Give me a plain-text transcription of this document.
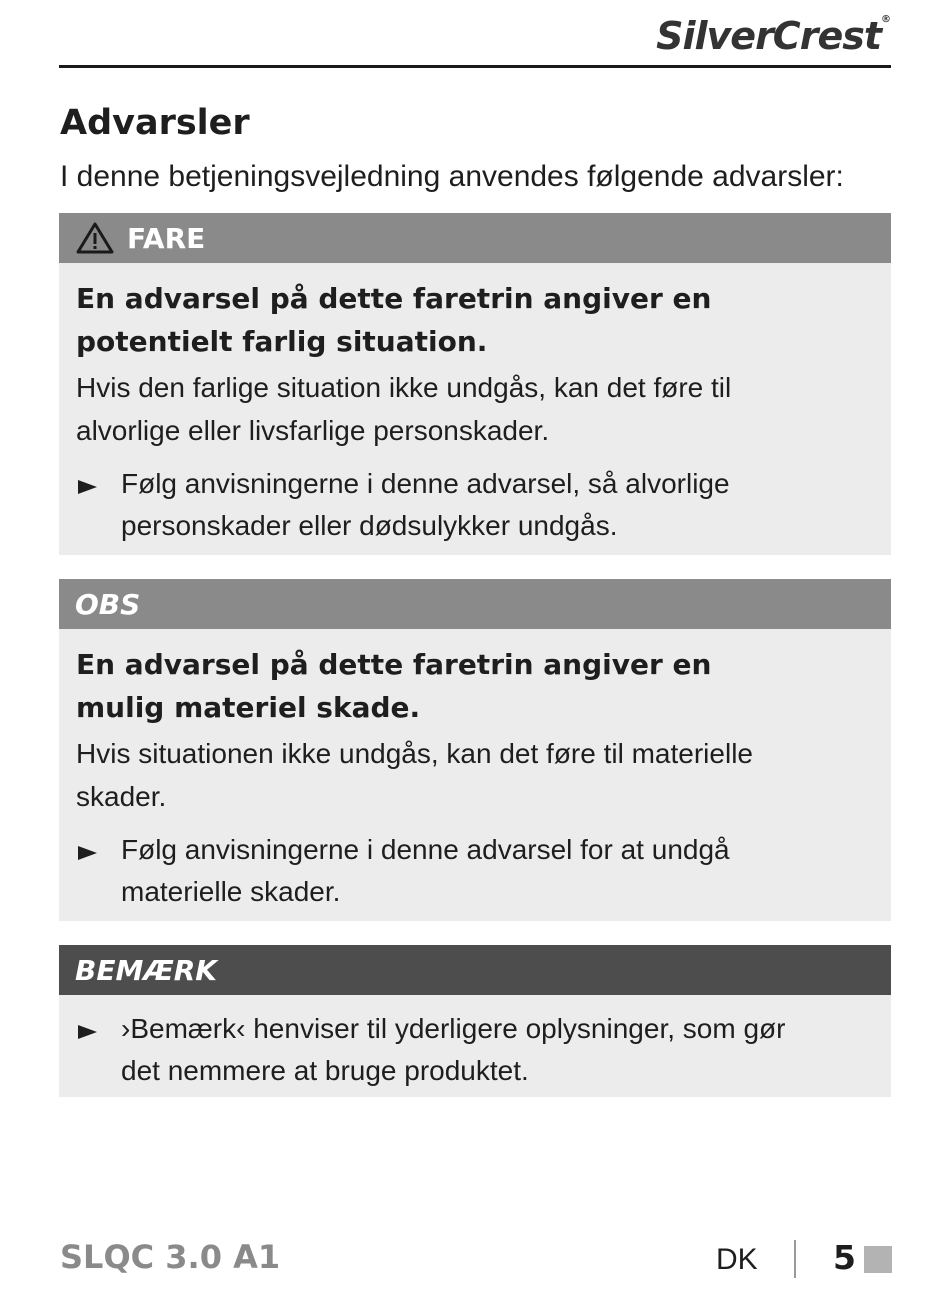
SilverCrest®
Advarsler

I denne betjeningsvejledning anvendes følgende advarsler:

FARE
En advarsel på dette faretrin angiver en
potentielt farlig situation.
Hvis den farlige situation ikke undgås, kan det føre til
alvorlige eller livsfarlige personskader.
Følg anvisningerne i denne advarsel, så alvorlige
personskader eller dødsulykker undgås.
OBS
En advarsel på dette faretrin angiver en
mulig materiel skade.
Hvis situationen ikke undgås, kan det føre til materielle
skader.
Følg anvisningerne i denne advarsel for at undgå
materielle skader.
BEMÆRK
›Bemærk‹ henviser til yderligere oplysninger, som gør
det nemmere at bruge produktet.
SLQC 3.0 A1	DK 5
